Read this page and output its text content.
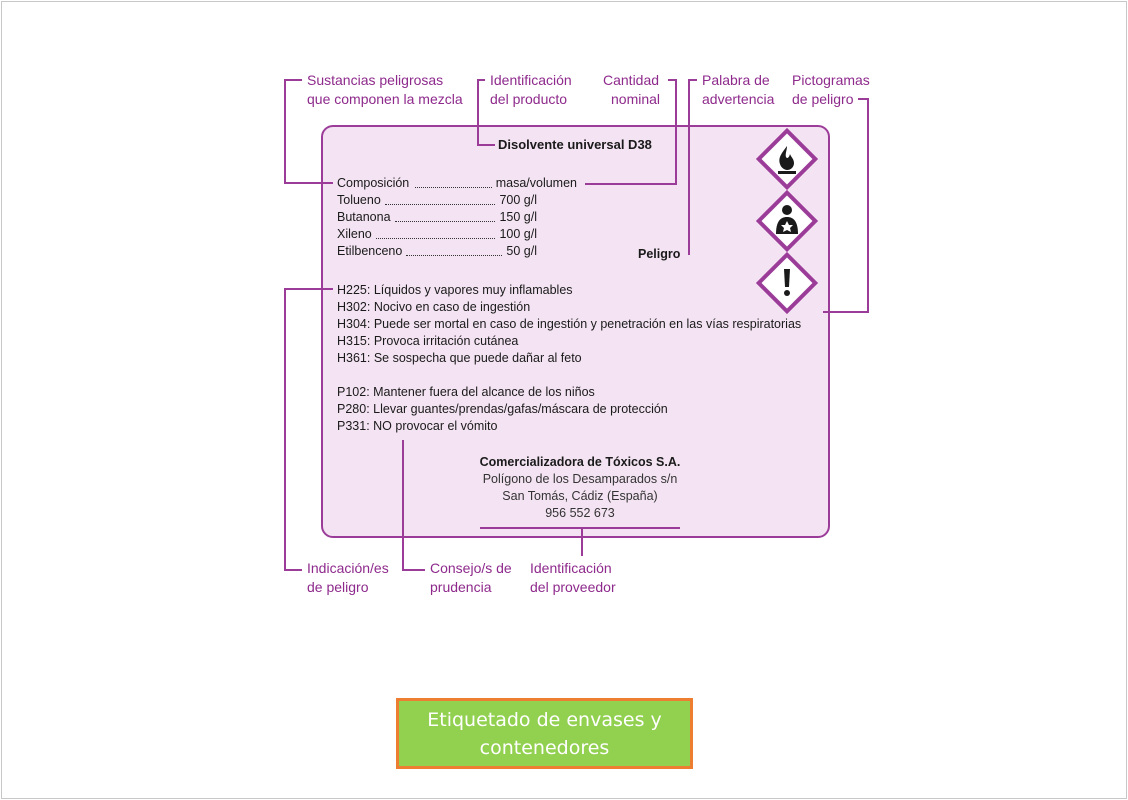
Sustancias peligrosas
que componen la mezcla
Identificación
del producto
Cantidad
nominal
Palabra de
advertencia
Pictogramas
de peligro
Indicación/es
de peligro
Consejo/s de
prudencia
Identificación
del proveedor
Disolvente universal D38
Composición	masa/volumen
Tolueno	700 g/l
Butanona	150 g/l
Xileno	100 g/l
Etilbenceno	50 g/l	Peligro
H225: Líquidos y vapores muy inflamables
H302: Nocivo en caso de ingestión
H304: Puede ser mortal en caso de ingestión y penetración en las vías respiratorias
H315: Provoca irritación cutánea
H361: Se sospecha que puede dañar al feto
P102: Mantener fuera del alcance de los niños
P280: Llevar guantes/prendas/gafas/máscara de protección
P331: NO provocar el vómito
Comercializadora de Tóxicos S.A.
Polígono de los Desamparados s/n
San Tomás, Cádiz (España)
956 552 673
Etiquetado de envases y
contenedores
